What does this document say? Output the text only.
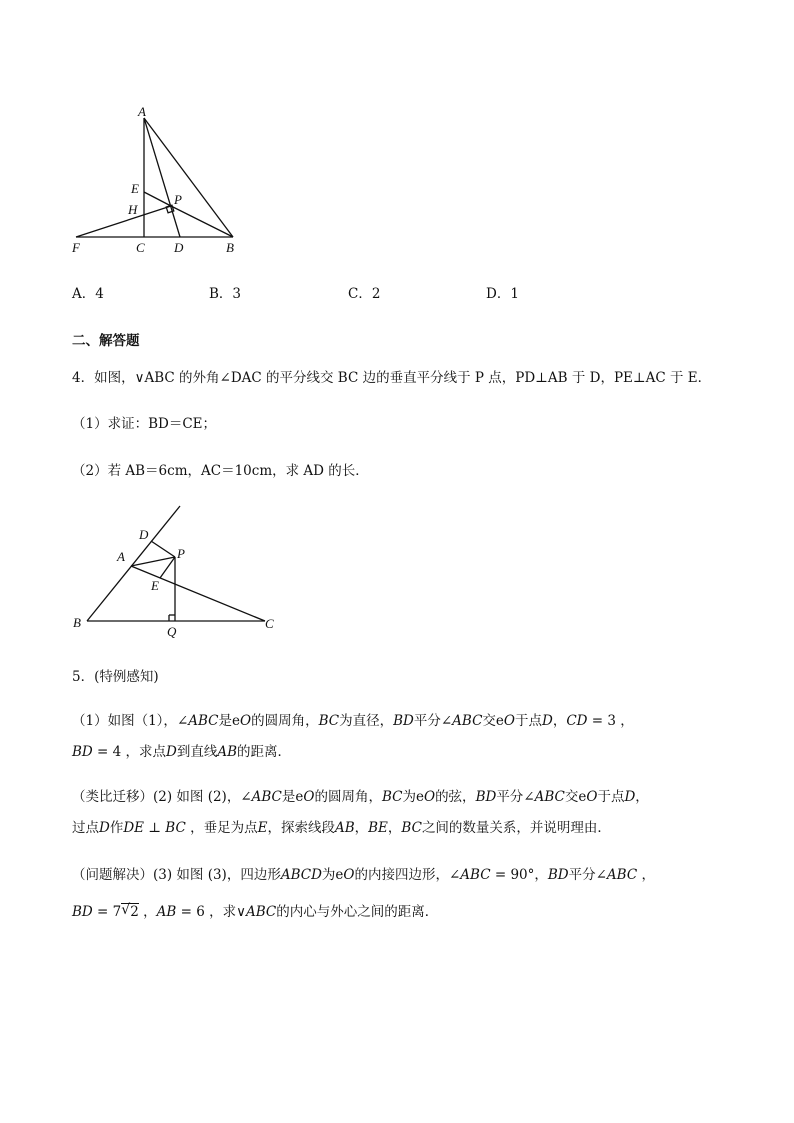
A
E
H
P
F	C D	B
A．4	B．3	C．2	D．1
二、解答题
4．如图，∨ABC 的外角∠DAC 的平分线交 BC 边的垂直平分线于 P 点，PD⊥AB 于 D，PE⊥AC 于 E．
（1）求证：BD＝CE；
（2）若 AB＝6cm，AC＝10cm，求 AD 的长．
D
A	P
E
B
Q
C
5．(特例感知)
（1）如图（1），∠ABC是eO的圆周角，BC为直径，BD平分∠ABC交eO于点D，CD = 3 ，
BD = 4 ，求点D到直线AB的距离．
（类比迁移）(2) 如图 (2)，∠ABC是eO的圆周角，BC为eO的弦，BD平分∠ABC交eO于点D，
过点D作DE ⊥ BC ，垂足为点E，探索线段AB，BE，BC之间的数量关系，并说明理由．
（问题解决）(3) 如图 (3)，四边形ABCD为eO的内接四边形，∠ABC = 90°，BD平分∠ABC ，
BD = 7 √ 2 ，AB = 6 ，求∨ABC的内心与外心之间的距离．
